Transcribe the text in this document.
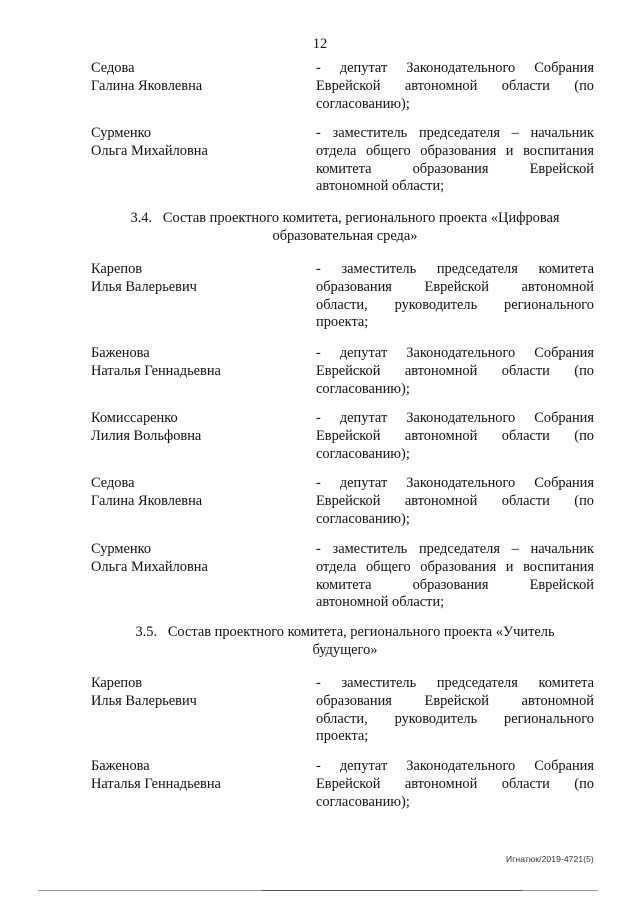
12
Седова
Галина Яковлевна
- депутат Законодательного Собрания
Еврейской автономной области (по
согласованию);
Сурменко
Ольга Михайловна
- заместитель председателя – начальник
отдела общего образования и воспитания
комитета образования Еврейской
автономной области;
3.4.   Состав проектного комитета, регионального проекта «Цифровая
образовательная среда»
Карепов
Илья Валерьевич
- заместитель председателя комитета
образования Еврейской автономной
области, руководитель регионального
проекта;
Баженова
Наталья Геннадьевна
- депутат Законодательного Собрания
Еврейской автономной области (по
согласованию);
Комиссаренко
Лилия Вольфовна
- депутат Законодательного Собрания
Еврейской автономной области (по
согласованию);
Седова
Галина Яковлевна
- депутат Законодательного Собрания
Еврейской автономной области (по
согласованию);
Сурменко
Ольга Михайловна
- заместитель председателя – начальник
отдела общего образования и воспитания
комитета образования Еврейской
автономной области;
3.5.   Состав проектного комитета, регионального проекта «Учитель
будущего»
Карепов
Илья Валерьевич
- заместитель председателя комитета
образования Еврейской автономной
области, руководитель регионального
проекта;
Баженова
Наталья Геннадьевна
- депутат Законодательного Собрания
Еврейской автономной области (по
согласованию);
Игнатюк/2019-4721(5)
